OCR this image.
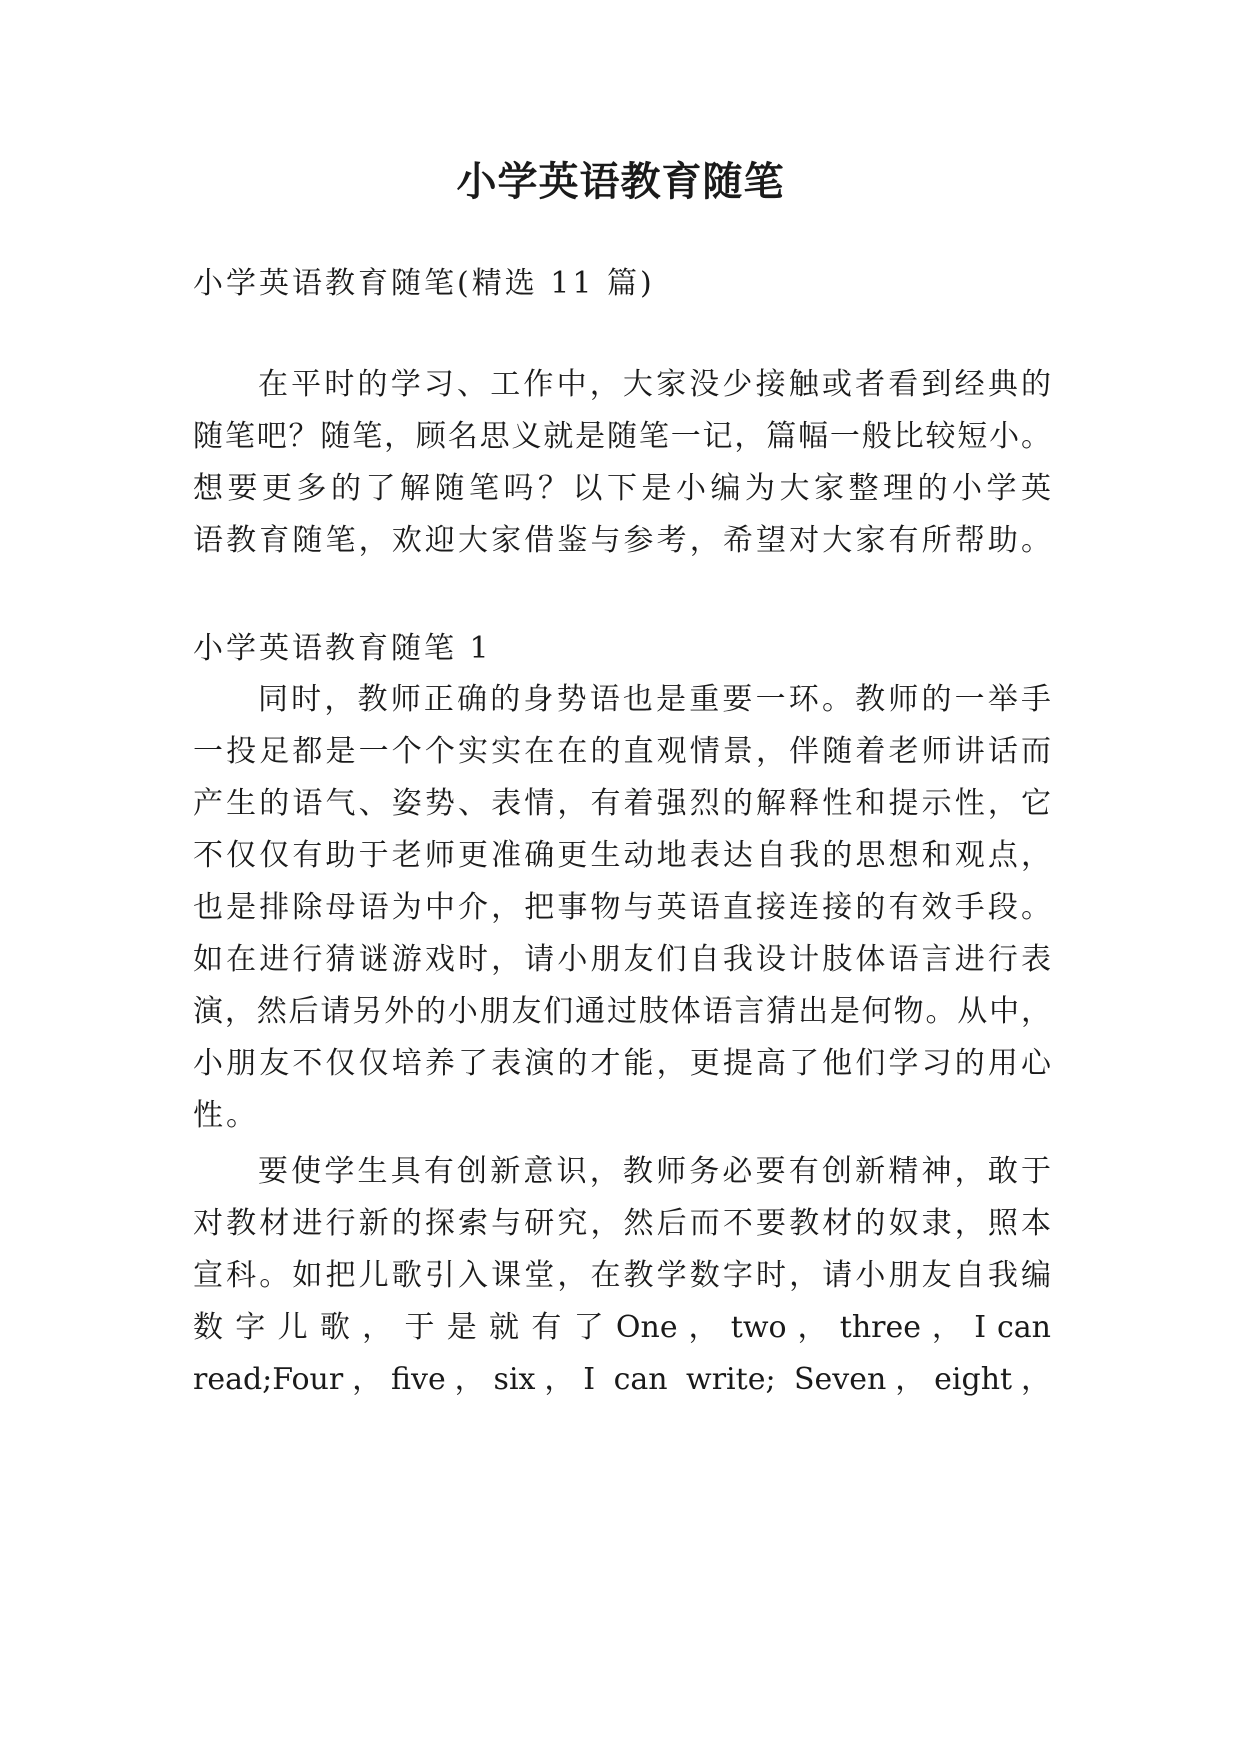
小学英语教育随笔
小学英语教育随笔(精选 11 篇)
在平时的学习、工作中，大家没少接触或者看到经典的
随笔吧？随笔，顾名思义就是随笔一记，篇幅一般比较短小。
想要更多的了解随笔吗？以下是小编为大家整理的小学英
语教育随笔，欢迎大家借鉴与参考，希望对大家有所帮助。
小学英语教育随笔 1
同时，教师正确的身势语也是重要一环。教师的一举手
一投足都是一个个实实在在的直观情景，伴随着老师讲话而
产生的语气、姿势、表情，有着强烈的解释性和提示性，它
不仅仅有助于老师更准确更生动地表达自我的思想和观点，
也是排除母语为中介，把事物与英语直接连接的有效手段。
如在进行猜谜游戏时，请小朋友们自我设计肢体语言进行表
演，然后请另外的小朋友们通过肢体语言猜出是何物。从中，
小朋友不仅仅培养了表演的才能，更提高了他们学习的用心
性。
要使学生具有创新意识，教师务必要有创新精神，敢于
对教材进行新的探索与研究，然后而不要教材的奴隶，照本
宣科。如把儿歌引入课堂，在教学数字时，请小朋友自我编
数 字 儿 歌 ， 于 是 就 有 了 One ， two ， three ， I can
read;Four，five，six，I can write; Seven，eight，
